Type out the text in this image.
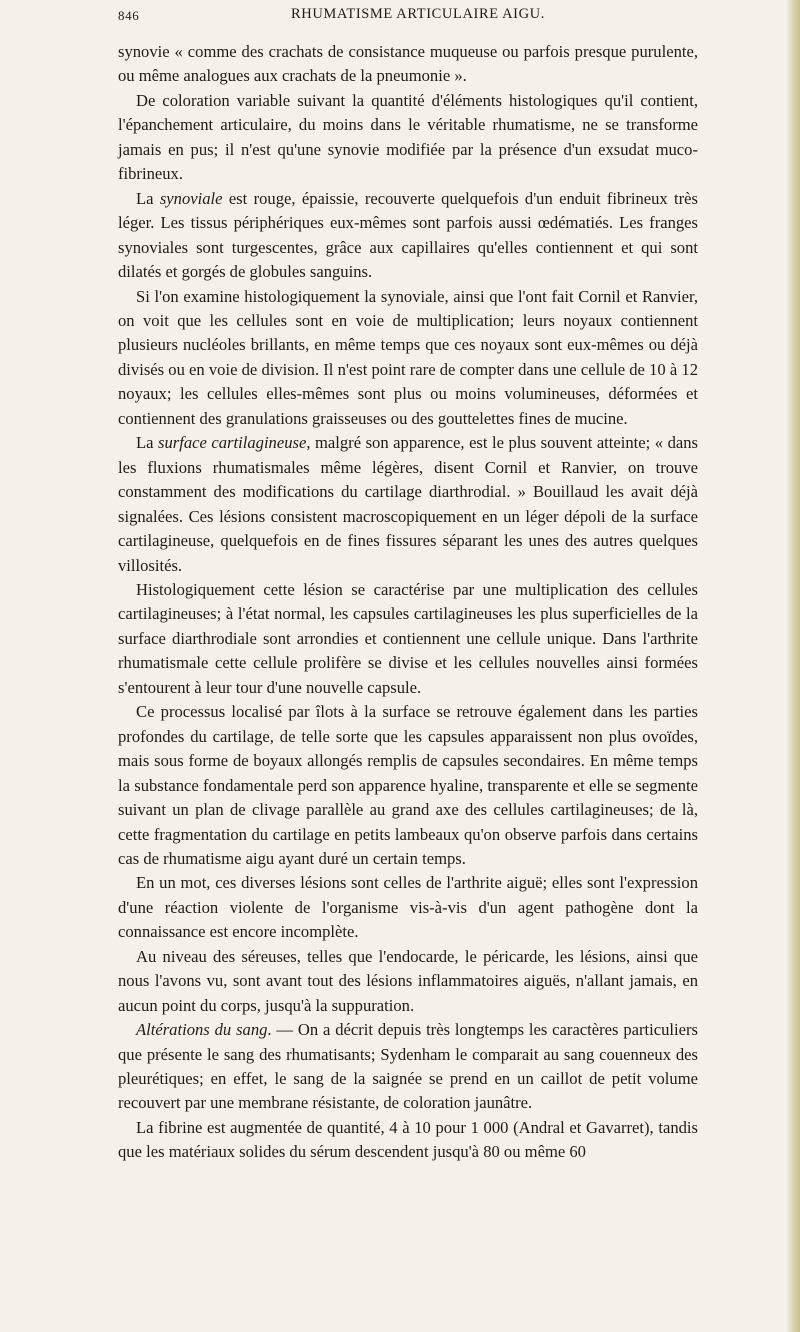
846	RHUMATISME ARTICULAIRE AIGU.

synovie « comme des crachats de consistance muqueuse ou parfois presque purulente, ou même analogues aux crachats de la pneumonie ».

De coloration variable suivant la quantité d'éléments histologiques qu'il contient, l'épanchement articulaire, du moins dans le véritable rhumatisme, ne se transforme jamais en pus; il n'est qu'une synovie modifiée par la présence d'un exsudat muco-fibrineux.

La synoviale est rouge, épaissie, recouverte quelquefois d'un enduit fibrineux très léger. Les tissus périphériques eux-mêmes sont parfois aussi œdématiés. Les franges synoviales sont turgescentes, grâce aux capillaires qu'elles contiennent et qui sont dilatés et gorgés de globules sanguins.

Si l'on examine histologiquement la synoviale, ainsi que l'ont fait Cornil et Ranvier, on voit que les cellules sont en voie de multiplication; leurs noyaux contiennent plusieurs nucléoles brillants, en même temps que ces noyaux sont eux-mêmes ou déjà divisés ou en voie de division. Il n'est point rare de compter dans une cellule de 10 à 12 noyaux; les cellules elles-mêmes sont plus ou moins volumineuses, déformées et contiennent des granulations graisseuses ou des gouttelettes fines de mucine.

La surface cartilagineuse, malgré son apparence, est le plus souvent atteinte; « dans les fluxions rhumatismales même légères, disent Cornil et Ranvier, on trouve constamment des modifications du cartilage diarthrodial. » Bouillaud les avait déjà signalées. Ces lésions consistent macroscopiquement en un léger dépoli de la surface cartilagineuse, quelquefois en de fines fissures séparant les unes des autres quelques villosités.

Histologiquement cette lésion se caractérise par une multiplication des cellules cartilagineuses; à l'état normal, les capsules cartilagineuses les plus superficielles de la surface diarthrodiale sont arrondies et contiennent une cellule unique. Dans l'arthrite rhumatismale cette cellule prolifère se divise et les cellules nouvelles ainsi formées s'entourent à leur tour d'une nouvelle capsule.

Ce processus localisé par îlots à la surface se retrouve également dans les parties profondes du cartilage, de telle sorte que les capsules apparaissent non plus ovoïdes, mais sous forme de boyaux allongés remplis de capsules secondaires. En même temps la substance fondamentale perd son apparence hyaline, transparente et elle se segmente suivant un plan de clivage parallèle au grand axe des cellules cartilagineuses; de là, cette fragmentation du cartilage en petits lambeaux qu'on observe parfois dans certains cas de rhumatisme aigu ayant duré un certain temps.

En un mot, ces diverses lésions sont celles de l'arthrite aiguë; elles sont l'expression d'une réaction violente de l'organisme vis-à-vis d'un agent pathogène dont la connaissance est encore incomplète.

Au niveau des séreuses, telles que l'endocarde, le péricarde, les lésions, ainsi que nous l'avons vu, sont avant tout des lésions inflammatoires aiguës, n'allant jamais, en aucun point du corps, jusqu'à la suppuration.

Altérations du sang. — On a décrit depuis très longtemps les caractères particuliers que présente le sang des rhumatisants; Sydenham le comparait au sang couenneux des pleurétiques; en effet, le sang de la saignée se prend en un caillot de petit volume recouvert par une membrane résistante, de coloration jaunâtre.

La fibrine est augmentée de quantité, 4 à 10 pour 1 000 (Andral et Gavarret), tandis que les matériaux solides du sérum descendent jusqu'à 80 ou même 60
